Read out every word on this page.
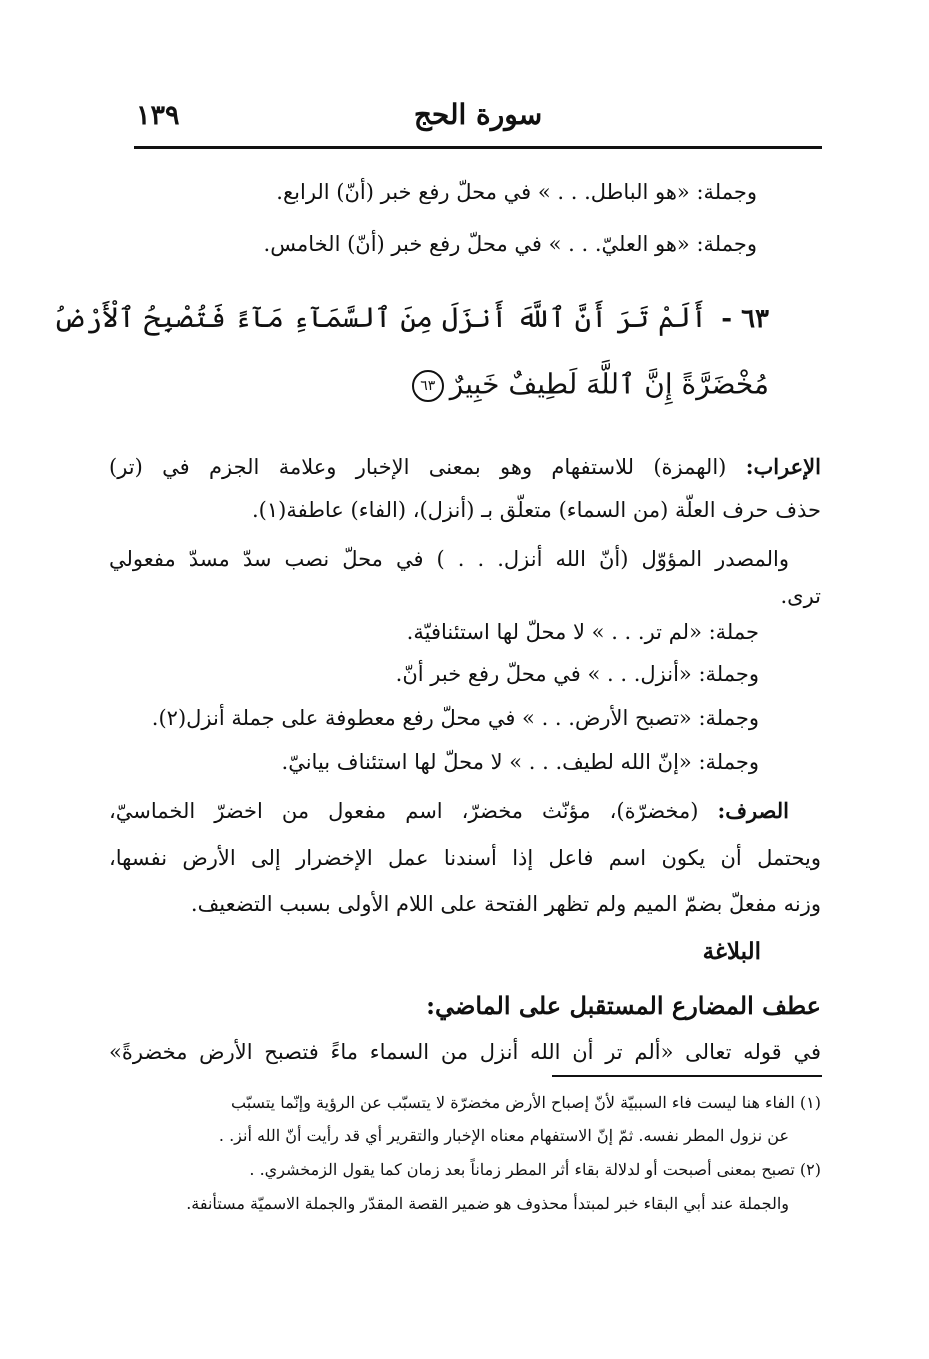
١٣٩	سورة الحج
وجملة: «هو الباطل. . . » في محلّ رفع خبر (أنّ) الرابع.
وجملة: «هو العليّ. . . » في محلّ رفع خبر (أنّ) الخامس.
٦٣ -أَلَمْ تَرَ أَنَّ ٱللَّهَ أَنزَلَ مِنَ ٱلسَّمَآءِ مَآءً فَتُصْبِحُ ٱلْأَرْضُ
مُخْضَرَّةً إِنَّ ٱللَّهَ لَطِيفٌ خَبِيرٌ٦٣
الإعراب: (الهمزة) للاستفهام وهو بمعنى الإخبار وعلامة الجزم في (تر)
حذف حرف العلّة (من السماء) متعلّق بـ (أنزل)، (الفاء) عاطفة(١).
والمصدر المؤوّل (أنّ الله أنزل. . . ) في محلّ نصب سدّ مسدّ مفعولي
ترى.
جملة: «لم تر. . . » لا محلّ لها استئنافيّة.
وجملة: «أنزل. . . » في محلّ رفع خبر أنّ.
وجملة: «تصبح الأرض. . . » في محلّ رفع معطوفة على جملة أنزل(٢).
وجملة: «إنّ الله لطيف. . . » لا محلّ لها استئناف بيانيّ.
الصرف: (مخضرّة)، مؤنّث مخضرّ، اسم مفعول من اخضرّ الخماسيّ،
ويحتمل أن يكون اسم فاعل إذا أسندنا عمل الإخضرار إلى الأرض نفسها،
وزنه مفعلّ بضمّ الميم ولم تظهر الفتحة على اللام الأولى بسبب التضعيف.
البلاغة
عطف المضارع المستقبل على الماضي:
في قوله تعالى «ألم تر أن الله أنزل من السماء ماءً فتصبح الأرض مخضرةً»
(١) الفاء هنا ليست فاء السببيّة لأنّ إصباح الأرض مخضرّة لا يتسبّب عن الرؤية وإنّما يتسبّب
عن نزول المطر نفسه. ثمّ إنّ الاستفهام معناه الإخبار والتقرير أي قد رأيت أنّ الله أنز. .
(٢) تصبح بمعنى أصبحت أو لدلالة بقاء أثر المطر زماناً بعد زمان كما يقول الزمخشري. .
والجملة عند أبي البقاء خبر لمبتدأ محذوف هو ضمير القصة المقدّر والجملة الاسميّة مستأنفة.
